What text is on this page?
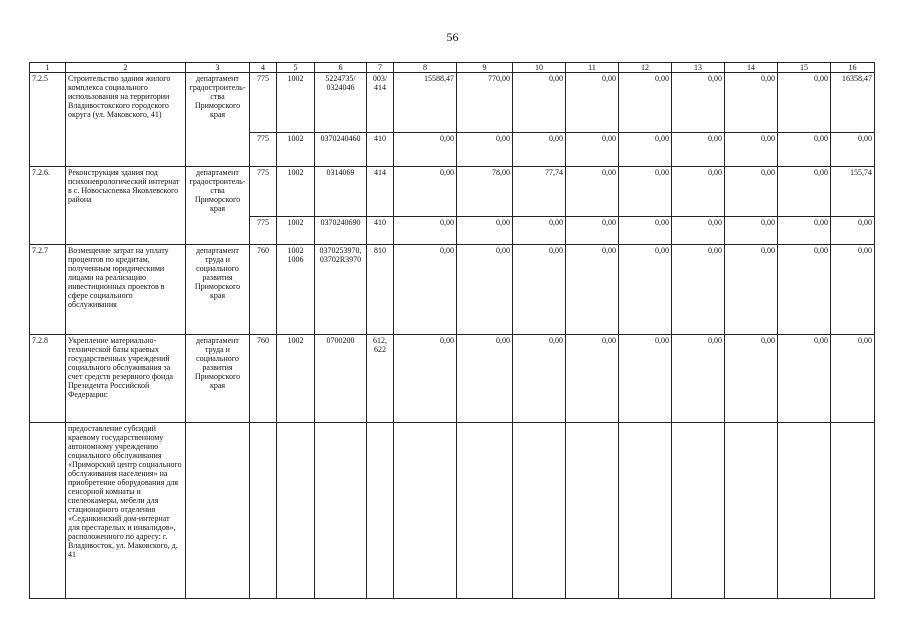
56
1	2	3	4	5	6	7	8	9	10	11	12	13	14	15	16
7.2.5	Строительство здания жилого комплекса социального использования на территории Владивостокского городского округа (ул. Маковского, 41)	департамент градостроитель-ства Приморского края	775	1002	5224735/ 0324046	003/ 414	15588,47	770,00	0,00	0,00	0,00	0,00	0,00	0,00	16358,47
			775	1002	0370240460	410	0,00	0,00	0,00	0,00	0,00	0,00	0,00	0,00	0,00
7.2.6.	Реконструкция здания под психоневрологический интернат в с. Новосысоевка Яковлевского района	департамент градостроитель-ства Приморского края	775	1002	0314069	414	0,00	78,00	77,74	0,00	0,00	0,00	0,00	0,00	155,74
			775	1002	0370240690	410	0,00	0,00	0,00	0,00	0,00	0,00	0,00	0,00	0,00
7.2.7	Возмещение затрат на уплату процентов по кредитам, полученным юридическими лицами на реализацию инвестиционных проектов в сфере социального обслуживания	департамент труда и социального развития Приморского края	760	1002 1006	0370253970, 03702R3970	810	0,00	0,00	0,00	0,00	0,00	0,00	0,00	0,00	0,00
7.2.8	Укрепление материально-технической базы краевых государственных учреждений социального обслуживания за счет средств резервного фонда Президента Российской Федерации:	департамент труда и социального развития Приморского края	760	1002	0700200	612, 622	0,00	0,00	0,00	0,00	0,00	0,00	0,00	0,00	0,00
	предоставление субсидий краевому государственному автономному учреждению социального обслуживания «Приморский центр социального обслуживания населения» на приобретение оборудования для сенсорной комнаты и спелеокамеры, мебели для стационарного отделения «Седанкинский дом-интернат для престарелых и инвалидов», расположенного по адресу: г. Владивосток, ул. Маковского, д. 41														
